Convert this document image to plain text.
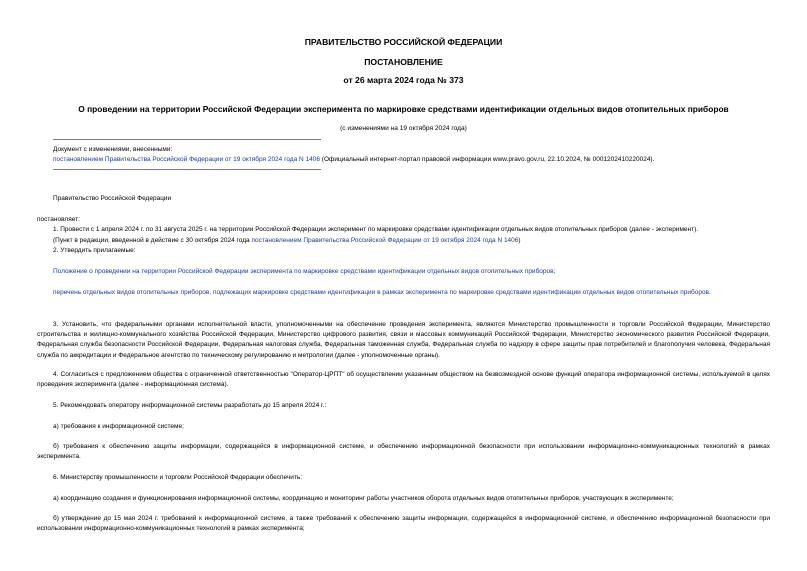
ПРАВИТЕЛЬСТВО РОССИЙСКОЙ ФЕДЕРАЦИИ
ПОСТАНОВЛЕНИЕ
от 26 марта 2024 года № 373
О проведении на территории Российской Федерации эксперимента по маркировке средствами идентификации отдельных видов отопительных приборов
(с изменениями на 19 октября 2024 года)
Документ с изменениями, внесенными:
постановлением Правительства Российской Федерации от 19 октября 2024 года N 1406 (Официальный интернет-портал правовой информации www.pravo.gov.ru, 22.10.2024, № 0001202410220024).
Правительство Российской Федерации
постановляет:
1. Провести с 1 апреля 2024 г. по 31 августа 2025 г. на территории Российской Федерации эксперимент по маркировке средствами идентификации отдельных видов отопительных приборов (далее - эксперимент).
(Пункт в редакции, введенной в действие с 30 октября 2024 года постановлением Правительства Российской Федерации от 19 октября 2024 года N 1406)
2. Утвердить прилагаемые:
Положение о проведении на территории Российской Федерации эксперимента по маркировке средствами идентификации отдельных видов отопительных приборов;
перечень отдельных видов отопительных приборов, подлежащих маркировке средствами идентификации в рамках эксперимента по маркировке средствами идентификации отдельных видов отопительных приборов.
3. Установить, что федеральными органами исполнительной власти, уполномоченными на обеспечение проведения эксперимента, являются Министерство промышленности и торговли Российской Федерации, Министерство строительства и жилищно-коммунального хозяйства Российской Федерации, Министерство цифрового развития, связи и массовых коммуникаций Российской Федерации, Министерство экономического развития Российской Федерации, Федеральная служба безопасности Российской Федерации, Федеральная налоговая служба, Федеральная таможенная служба, Федеральная служба по надзору в сфере защиты прав потребителей и благополучия человека, Федеральная служба по аккредитации и Федеральное агентство по техническому регулированию и метрологии (далее - уполномоченные органы).
4. Согласиться с предложением общества с ограниченной ответственностью "Оператор-ЦРПТ" об осуществлении указанным обществом на безвозмездной основе функций оператора информационной системы, используемой в целях проведения эксперимента (далее - информационная система).
5. Рекомендовать оператору информационной системы разработать до 15 апреля 2024 г.:
а) требования к информационной системе;
б) требования к обеспечению защиты информации, содержащейся в информационной системе, и обеспечению информационной безопасности при использовании информационно-коммуникационных технологий в рамках эксперимента.
6. Министерству промышленности и торговли Российской Федерации обеспечить:
а) координацию создания и функционирования информационной системы, координацию и мониторинг работы участников оборота отдельных видов отопительных приборов, участвующих в эксперименте;
б) утверждение до 15 мая 2024 г. требований к информационной системе, а также требований к обеспечению защиты информации, содержащейся в информационной системе, и обеспечению информационной безопасности при использовании информационно-коммуникационных технологий в рамках эксперимента;
